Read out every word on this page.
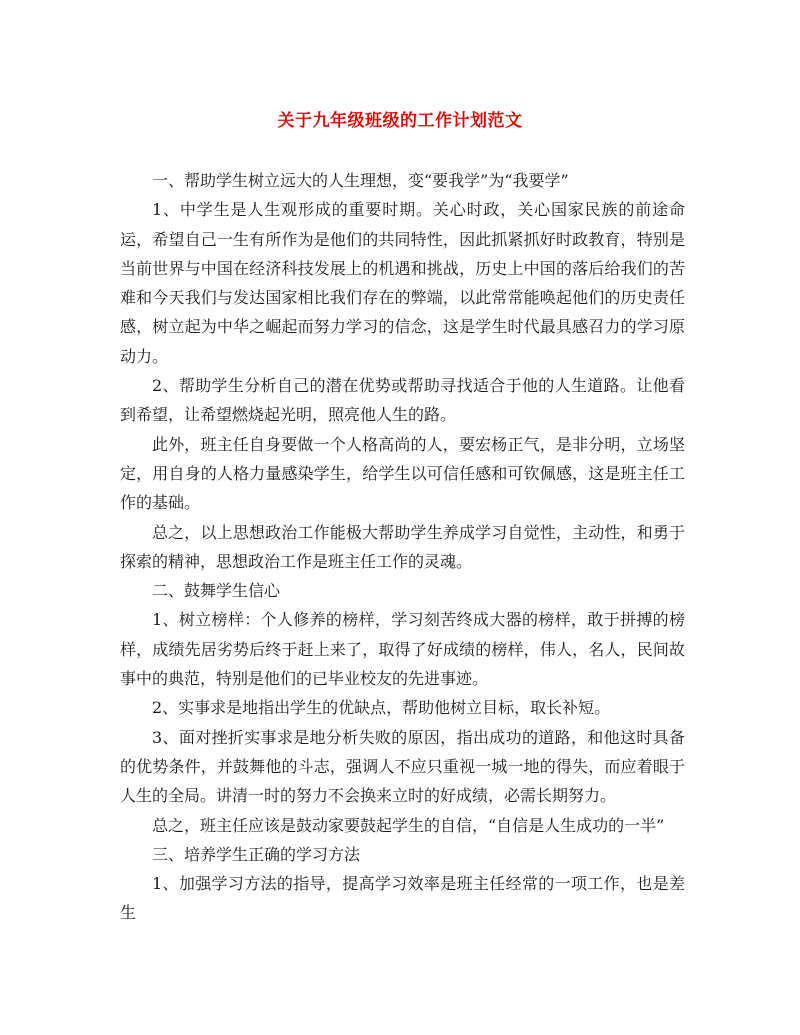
关于九年级班级的工作计划范文

一、帮助学生树立远大的人生理想，变“要我学”为“我要学”

1、中学生是人生观形成的重要时期。关心时政，关心国家民族的前途命运，希望自己一生有所作为是他们的共同特性，因此抓紧抓好时政教育，特别是当前世界与中国在经济科技发展上的机遇和挑战，历史上中国的落后给我们的苦难和今天我们与发达国家相比我们存在的弊端，以此常常能唤起他们的历史责任感，树立起为中华之崛起而努力学习的信念，这是学生时代最具感召力的学习原动力。

2、帮助学生分析自己的潜在优势或帮助寻找适合于他的人生道路。让他看到希望，让希望燃烧起光明，照亮他人生的路。

此外，班主任自身要做一个人格高尚的人，要宏杨正气，是非分明，立场坚定，用自身的人格力量感染学生，给学生以可信任感和可钦佩感，这是班主任工作的基础。

总之，以上思想政治工作能极大帮助学生养成学习自觉性，主动性，和勇于探索的精神，思想政治工作是班主任工作的灵魂。

二、鼓舞学生信心

1、树立榜样：个人修养的榜样，学习刻苦终成大器的榜样，敢于拼搏的榜样，成绩先居劣势后终于赶上来了，取得了好成绩的榜样，伟人，名人，民间故事中的典范，特别是他们的已毕业校友的先进事迹。

2、实事求是地指出学生的优缺点，帮助他树立目标，取长补短。

3、面对挫折实事求是地分析失败的原因，指出成功的道路，和他这时具备的优势条件，并鼓舞他的斗志，强调人不应只重视一城一地的得失，而应着眼于人生的全局。讲清一时的努力不会换来立时的好成绩，必需长期努力。

总之，班主任应该是鼓动家要鼓起学生的自信，“自信是人生成功的一半”

三、培养学生正确的学习方法

1、加强学习方法的指导，提高学习效率是班主任经常的一项工作，也是差生
